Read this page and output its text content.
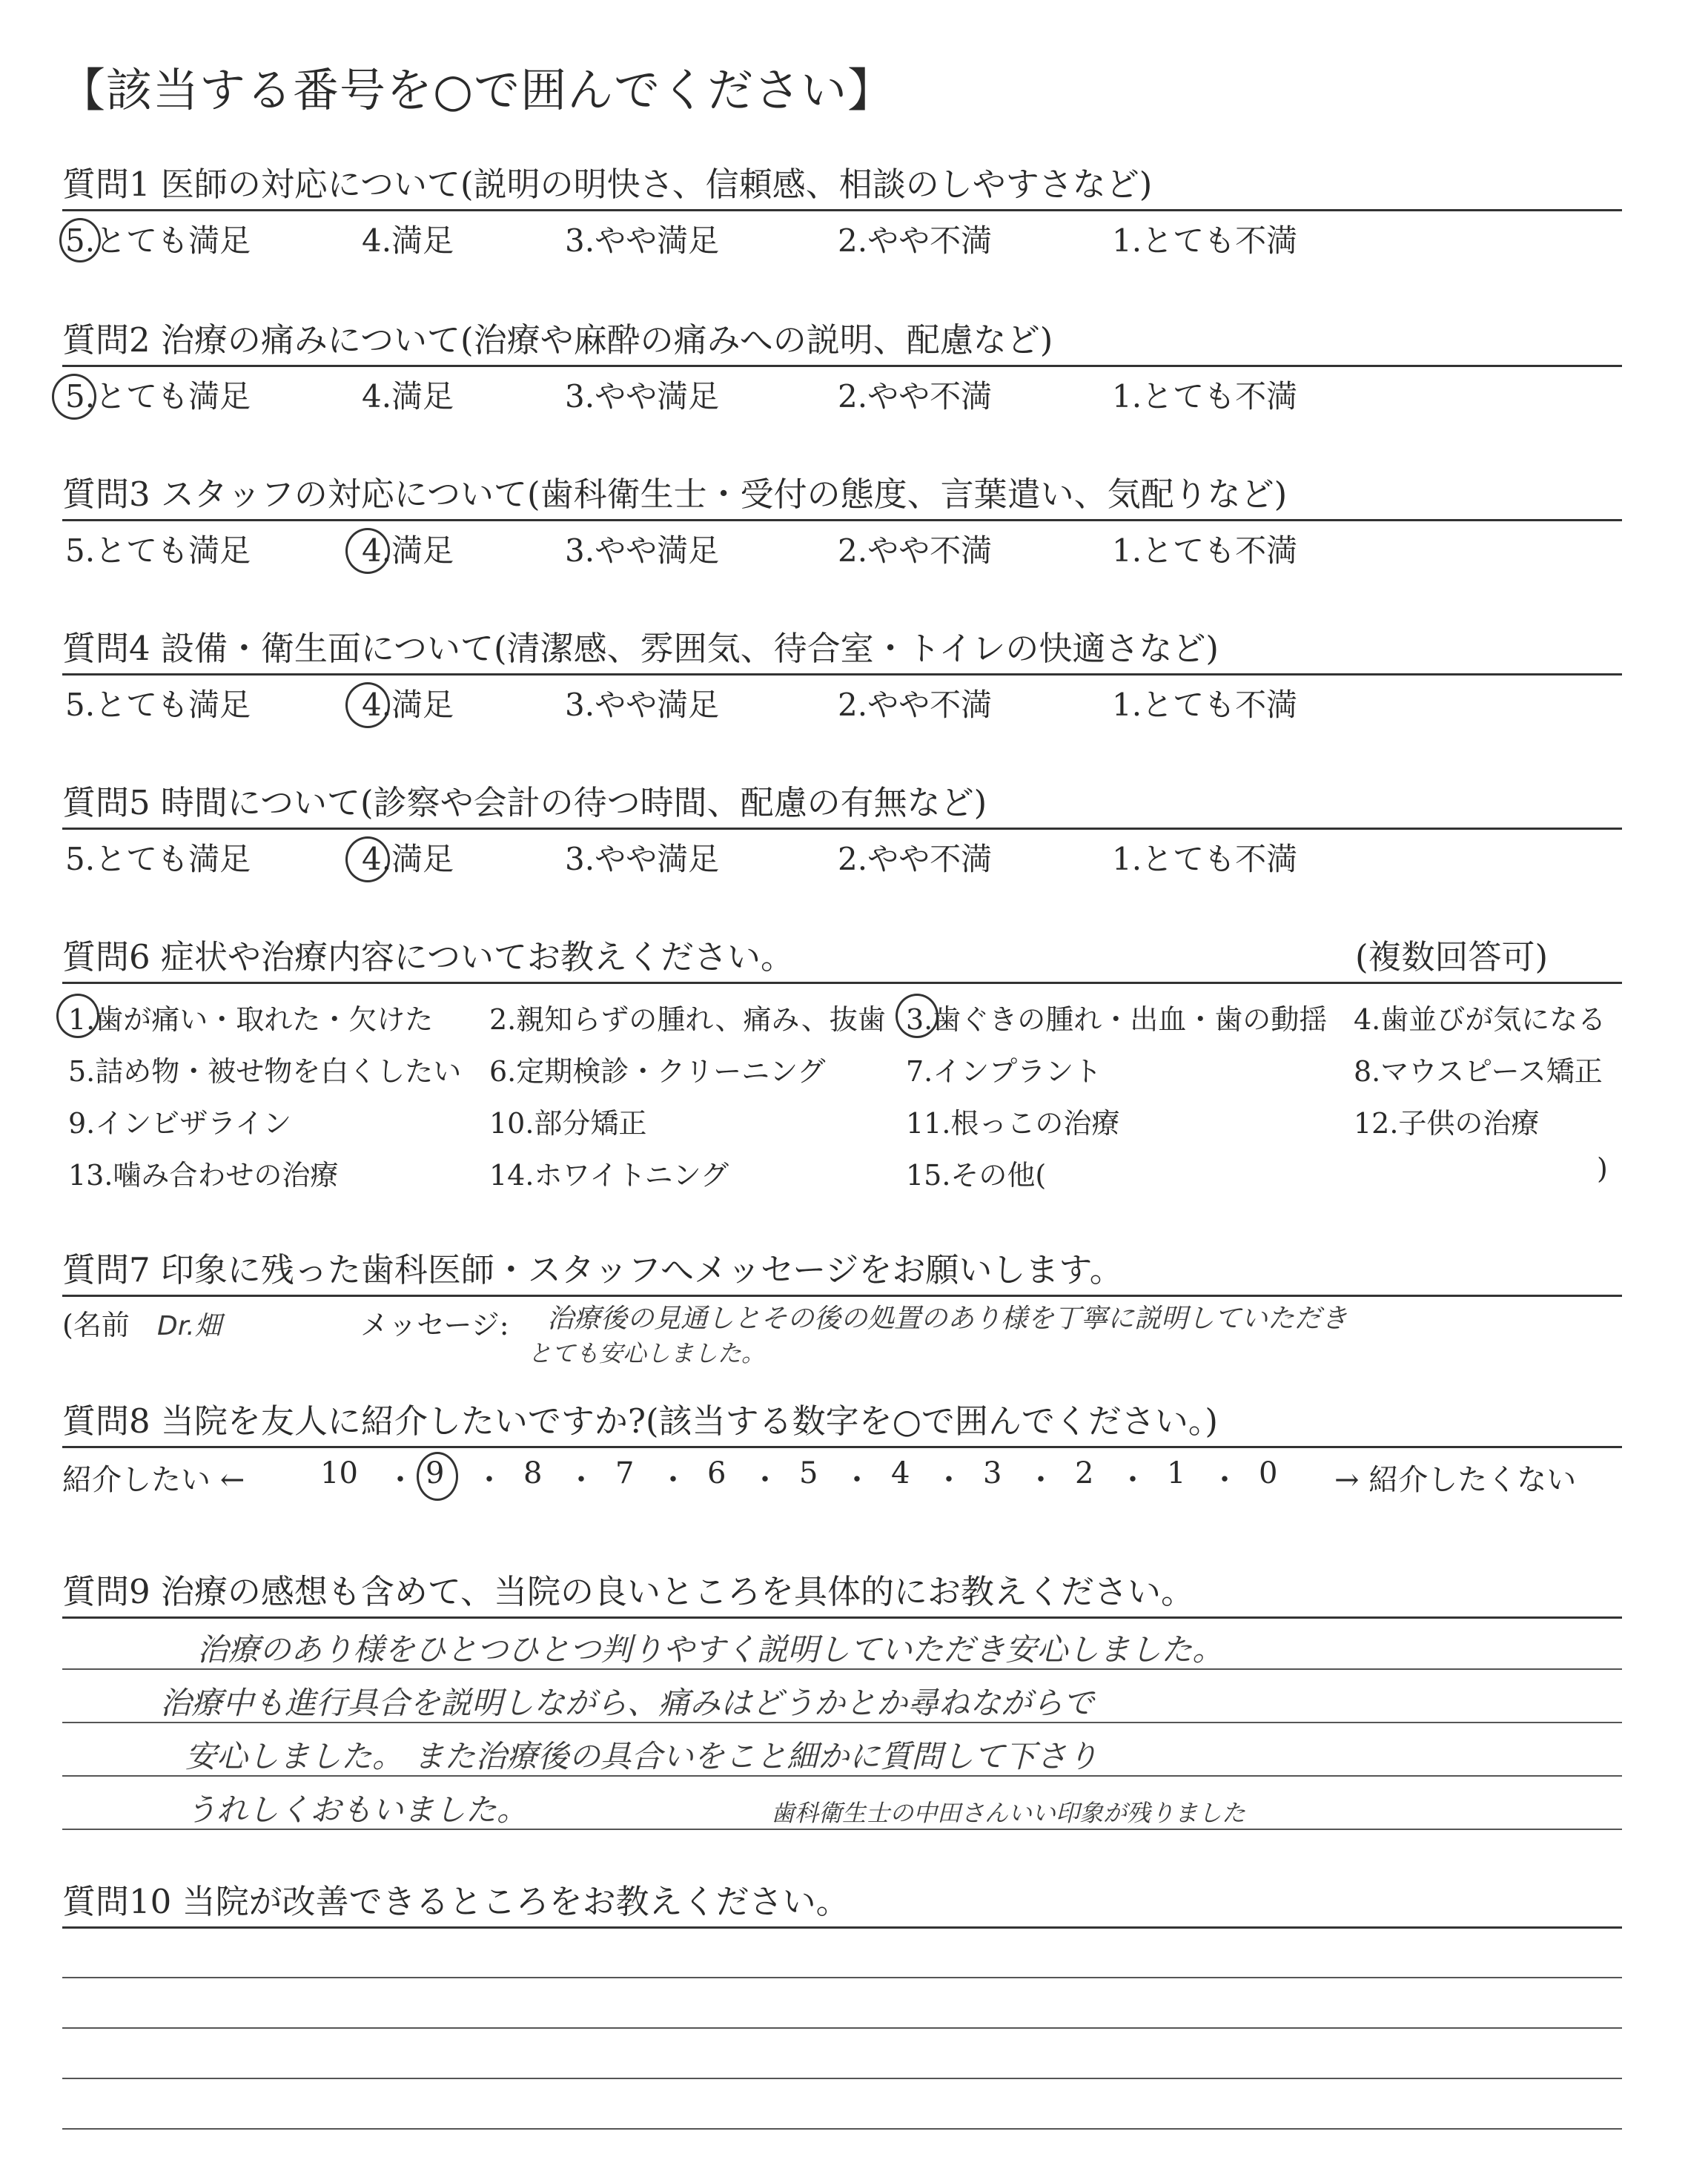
【該当する番号を○で囲んでください】
質問1 医師の対応について(説明の明快さ、信頼感、相談のしやすさなど)
5.とても満足	4.満足	3.やや満足	2.やや不満	1.とても不満
質問2 治療の痛みについて(治療や麻酔の痛みへの説明、配慮など)
5.とても満足	4.満足	3.やや満足	2.やや不満	1.とても不満
質問3 スタッフの対応について(歯科衛生士・受付の態度、言葉遣い、気配りなど)
5.とても満足	4.満足	3.やや満足	2.やや不満	1.とても不満
質問4 設備・衛生面について(清潔感、雰囲気、待合室・トイレの快適さなど)
5.とても満足	4.満足	3.やや満足	2.やや不満	1.とても不満
質問5 時間について(診察や会計の待つ時間、配慮の有無など)
5.とても満足	4.満足	3.やや満足	2.やや不満	1.とても不満
質問6 症状や治療内容についてお教えください。	(複数回答可)
1.歯が痛い・取れた・欠けた 2.親知らずの腫れ、痛み、抜歯 3.歯ぐきの腫れ・出血・歯の動揺 4.歯並びが気になる
5.詰め物・被せ物を白くしたい 6.定期検診・クリーニング	7.インプラント	8.マウスピース矯正
9.インビザライン	10.部分矯正	11.根っこの治療	12.子供の治療
13.噛み合わせの治療	14.ホワイトニング	15.その他(	)
質問7 印象に残った歯科医師・スタッフへメッセージをお願いします。
(名前 Dr.畑	メッセージ: 治療後の見通しとその後の処置のあり様を丁寧に説明していただき
とても安心しました。
質問8 当院を友人に紹介したいですか?(該当する数字を○で囲んでください。)
紹介したい ←	10 ・ 9 ・ 8 ・ 7 ・ 6 ・ 5 ・ 4 ・ 3 ・ 2 ・ 1 ・ 0 → 紹介したくない
質問9 治療の感想も含めて、当院の良いところを具体的にお教えください。
治療のあり様をひとつひとつ判りやすく説明していただき安心しました。
治療中も進行具合を説明しながら、痛みはどうかとか尋ねながらで
安心しました。 また治療後の具合いをこと細かに質問して下さり
うれしくおもいました。	歯科衛生士の中田さんいい印象が残りました
質問10 当院が改善できるところをお教えください。
